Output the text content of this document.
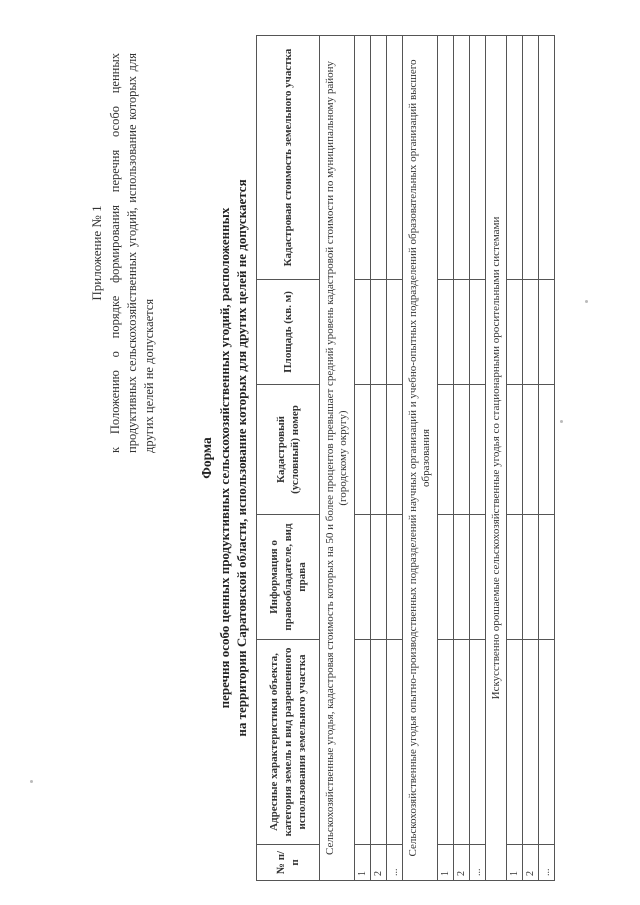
Приложение № 1 к Положению о порядке формирования перечня особо ценных продуктивных сельскохозяйственных угодий, использование которых для других целей не допускается
Форма перечня особо ценных продуктивных сельскохозяйственных угодий, расположенных на территории Саратовской области, использование которых для других целей не допускается
№ п/п	Адресные характеристики объекта, категория земель и вид разрешенного использования земельного участка	Информация о правообладателе, вид права	Кадастровый (условный) номер	Площадь (кв. м)	Кадастровая стоимость земельного участка
Сельскохозяйственные угодья, кадастровая стоимость которых на 50 и более процентов превышает средний уровень кадастровой стоимости по муниципальному району (городскому округу)					
1					
2					
...					
Сельскохозяйственные угодья опытно-производственных подразделений научных организаций и учебно-опытных подразделений образовательных организаций высшего образования					
1					
2					
...					
Искусственно орошаемые сельскохозяйственные угодья со стационарными оросительными системами					
1					
2					
...					
